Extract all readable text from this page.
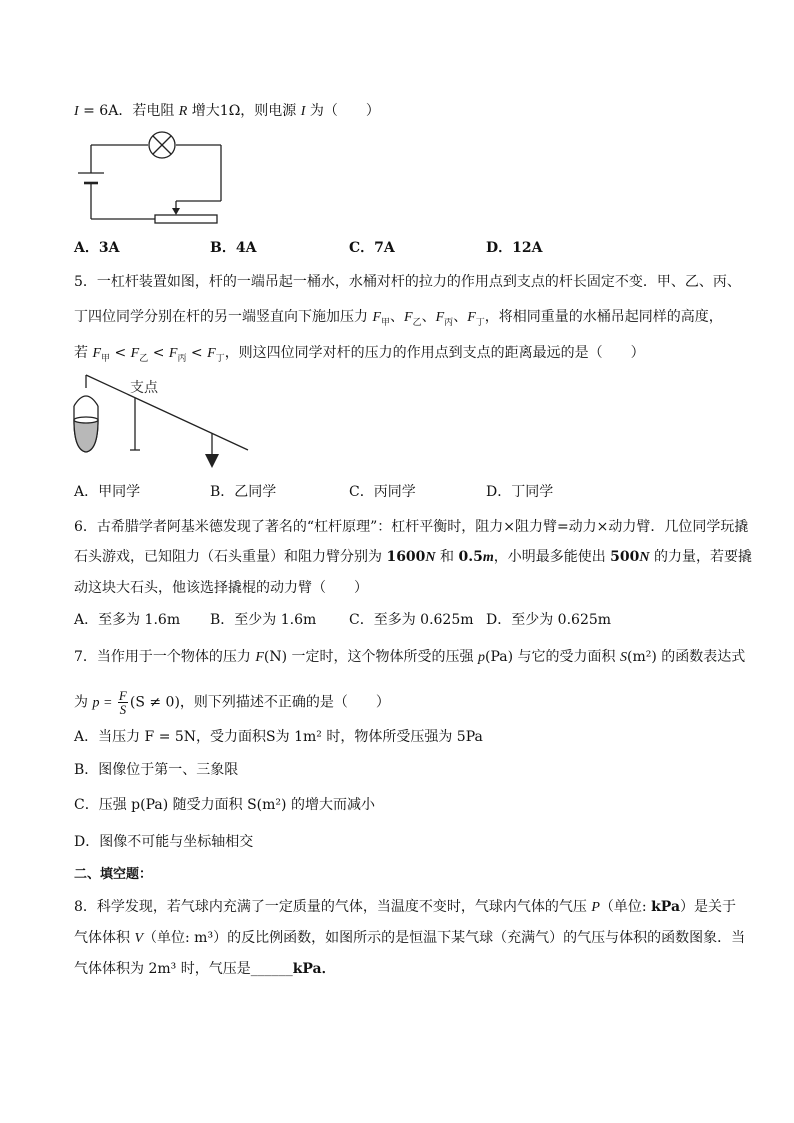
I = 6A．若电阻 R 增大1Ω，则电源 I 为（　　）
A．3A	B．4A	C．7A	D．12A
5．一杠杆装置如图，杆的一端吊起一桶水，水桶对杆的拉力的作用点到支点的杆长固定不变．甲、乙、丙、
丁四位同学分别在杆的另一端竖直向下施加压力 $F_甲$、$F_乙$、$F_丙$、$F_丁$，将相同重量的水桶吊起同样的高度，
若 $F_甲 < F_乙 < F_丙 < F_丁$，则这四位同学对杆的压力的作用点到支点的距离最远的是（　　）
支点
A．甲同学	B．乙同学	C．丙同学	D．丁同学
6．古希腊学者阿基米德发现了著名的“杠杆原理”：杠杆平衡时，阻力×阻力臂=动力×动力臂．几位同学玩撬
石头游戏，已知阻力（石头重量）和阻力臂分别为 1600N 和 0.5m，小明最多能使出 500N 的力量，若要撬
动这块大石头，他该选择撬棍的动力臂（　　）
A．至多为 1.6m B．至少为 1.6m C．至多为 0.625m D．至少为 0.625m
7．当作用于一个物体的压力 F(N) 一定时，这个物体所受的压强 p(Pa) 与它的受力面积 S(m²) 的函数表达式
为 $p = \frac{F}{S} (S \ne 0)$，则下列描述不正确的是（　　）
A．当压力 F = 5N，受力面积S为 1m² 时，物体所受压强为 5Pa
B．图像位于第一、三象限
C．压强 p(Pa) 随受力面积 S(m²) 的增大而减小
D．图像不可能与坐标轴相交
二、填空题：
8．科学发现，若气球内充满了一定质量的气体，当温度不变时，气球内气体的气压 P（单位: kPa）是关于
气体体积 V（单位: m³）的反比例函数，如图所示的是恒温下某气球（充满气）的气压与体积的函数图象．当
气体体积为 2m³ 时，气压是______kPa．
